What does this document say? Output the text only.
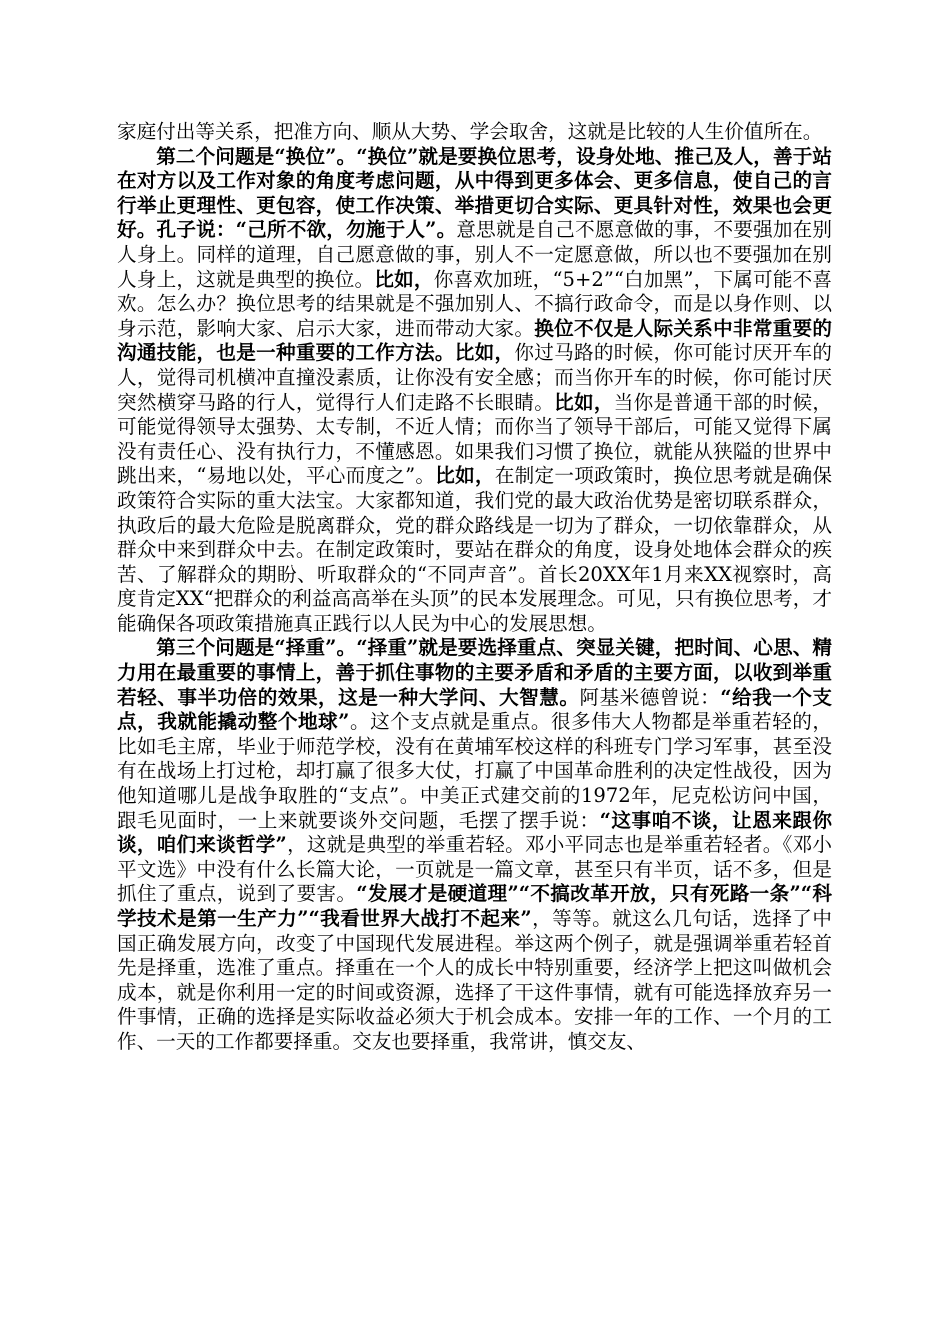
家庭付出等关系，把准方向、顺从大势、学会取舍，这就是比较的人生价值所在。

第二个问题是“换位”。“换位”就是要换位思考，设身处地、推己及人，善于站在对方以及工作对象的角度考虑问题，从中得到更多体会、更多信息，使自己的言行举止更理性、更包容，使工作决策、举措更切合实际、更具针对性，效果也会更好。孔子说：“己所不欲，勿施于人”。意思就是自己不愿意做的事，不要强加在别人身上。同样的道理，自己愿意做的事，别人不一定愿意做，所以也不要强加在别人身上，这就是典型的换位。比如，你喜欢加班，“5+2”“白加黑”，下属可能不喜欢。怎么办？换位思考的结果就是不强加别人、不搞行政命令，而是以身作则、以身示范，影响大家、启示大家，进而带动大家。换位不仅是人际关系中非常重要的沟通技能，也是一种重要的工作方法。比如，你过马路的时候，你可能讨厌开车的人，觉得司机横冲直撞没素质，让你没有安全感；而当你开车的时候，你可能讨厌突然横穿马路的行人，觉得行人们走路不长眼睛。比如，当你是普通干部的时候，可能觉得领导太强势、太专制，不近人情；而你当了领导干部后，可能又觉得下属没有责任心、没有执行力，不懂感恩。如果我们习惯了换位，就能从狭隘的世界中跳出来，“易地以处，平心而度之”。比如，在制定一项政策时，换位思考就是确保政策符合实际的重大法宝。大家都知道，我们党的最大政治优势是密切联系群众，执政后的最大危险是脱离群众，党的群众路线是一切为了群众，一切依靠群众，从群众中来到群众中去。在制定政策时，要站在群众的角度，设身处地体会群众的疾苦、了解群众的期盼、听取群众的“不同声音”。首长20XX年1月来XX视察时，高度肯定XX“把群众的利益高高举在头顶”的民本发展理念。可见，只有换位思考，才能确保各项政策措施真正践行以人民为中心的发展思想。

第三个问题是“择重”。“择重”就是要选择重点、突显关键，把时间、心思、精力用在最重要的事情上，善于抓住事物的主要矛盾和矛盾的主要方面，以收到举重若轻、事半功倍的效果，这是一种大学问、大智慧。阿基米德曾说：“给我一个支点，我就能撬动整个地球”。这个支点就是重点。很多伟大人物都是举重若轻的，比如毛主席，毕业于师范学校，没有在黄埔军校这样的科班专门学习军事，甚至没有在战场上打过枪，却打赢了很多大仗，打赢了中国革命胜利的决定性战役，因为他知道哪儿是战争取胜的“支点”。中美正式建交前的1972年，尼克松访问中国，跟毛见面时，一上来就要谈外交问题，毛摆了摆手说：“这事咱不谈，让恩来跟你谈，咱们来谈哲学”，这就是典型的举重若轻。邓小平同志也是举重若轻者。《邓小平文选》中没有什么长篇大论，一页就是一篇文章，甚至只有半页，话不多，但是抓住了重点，说到了要害。“发展才是硬道理”“不搞改革开放，只有死路一条”“科学技术是第一生产力”“我看世界大战打不起来”，等等。就这么几句话，选择了中国正确发展方向，改变了中国现代发展进程。举这两个例子，就是强调举重若轻首先是择重，选准了重点。择重在一个人的成长中特别重要，经济学上把这叫做机会成本，就是你利用一定的时间或资源，选择了干这件事情，就有可能选择放弃另一件事情，正确的选择是实际收益必须大于机会成本。安排一年的工作、一个月的工作、一天的工作都要择重。交友也要择重，我常讲，慎交友、
